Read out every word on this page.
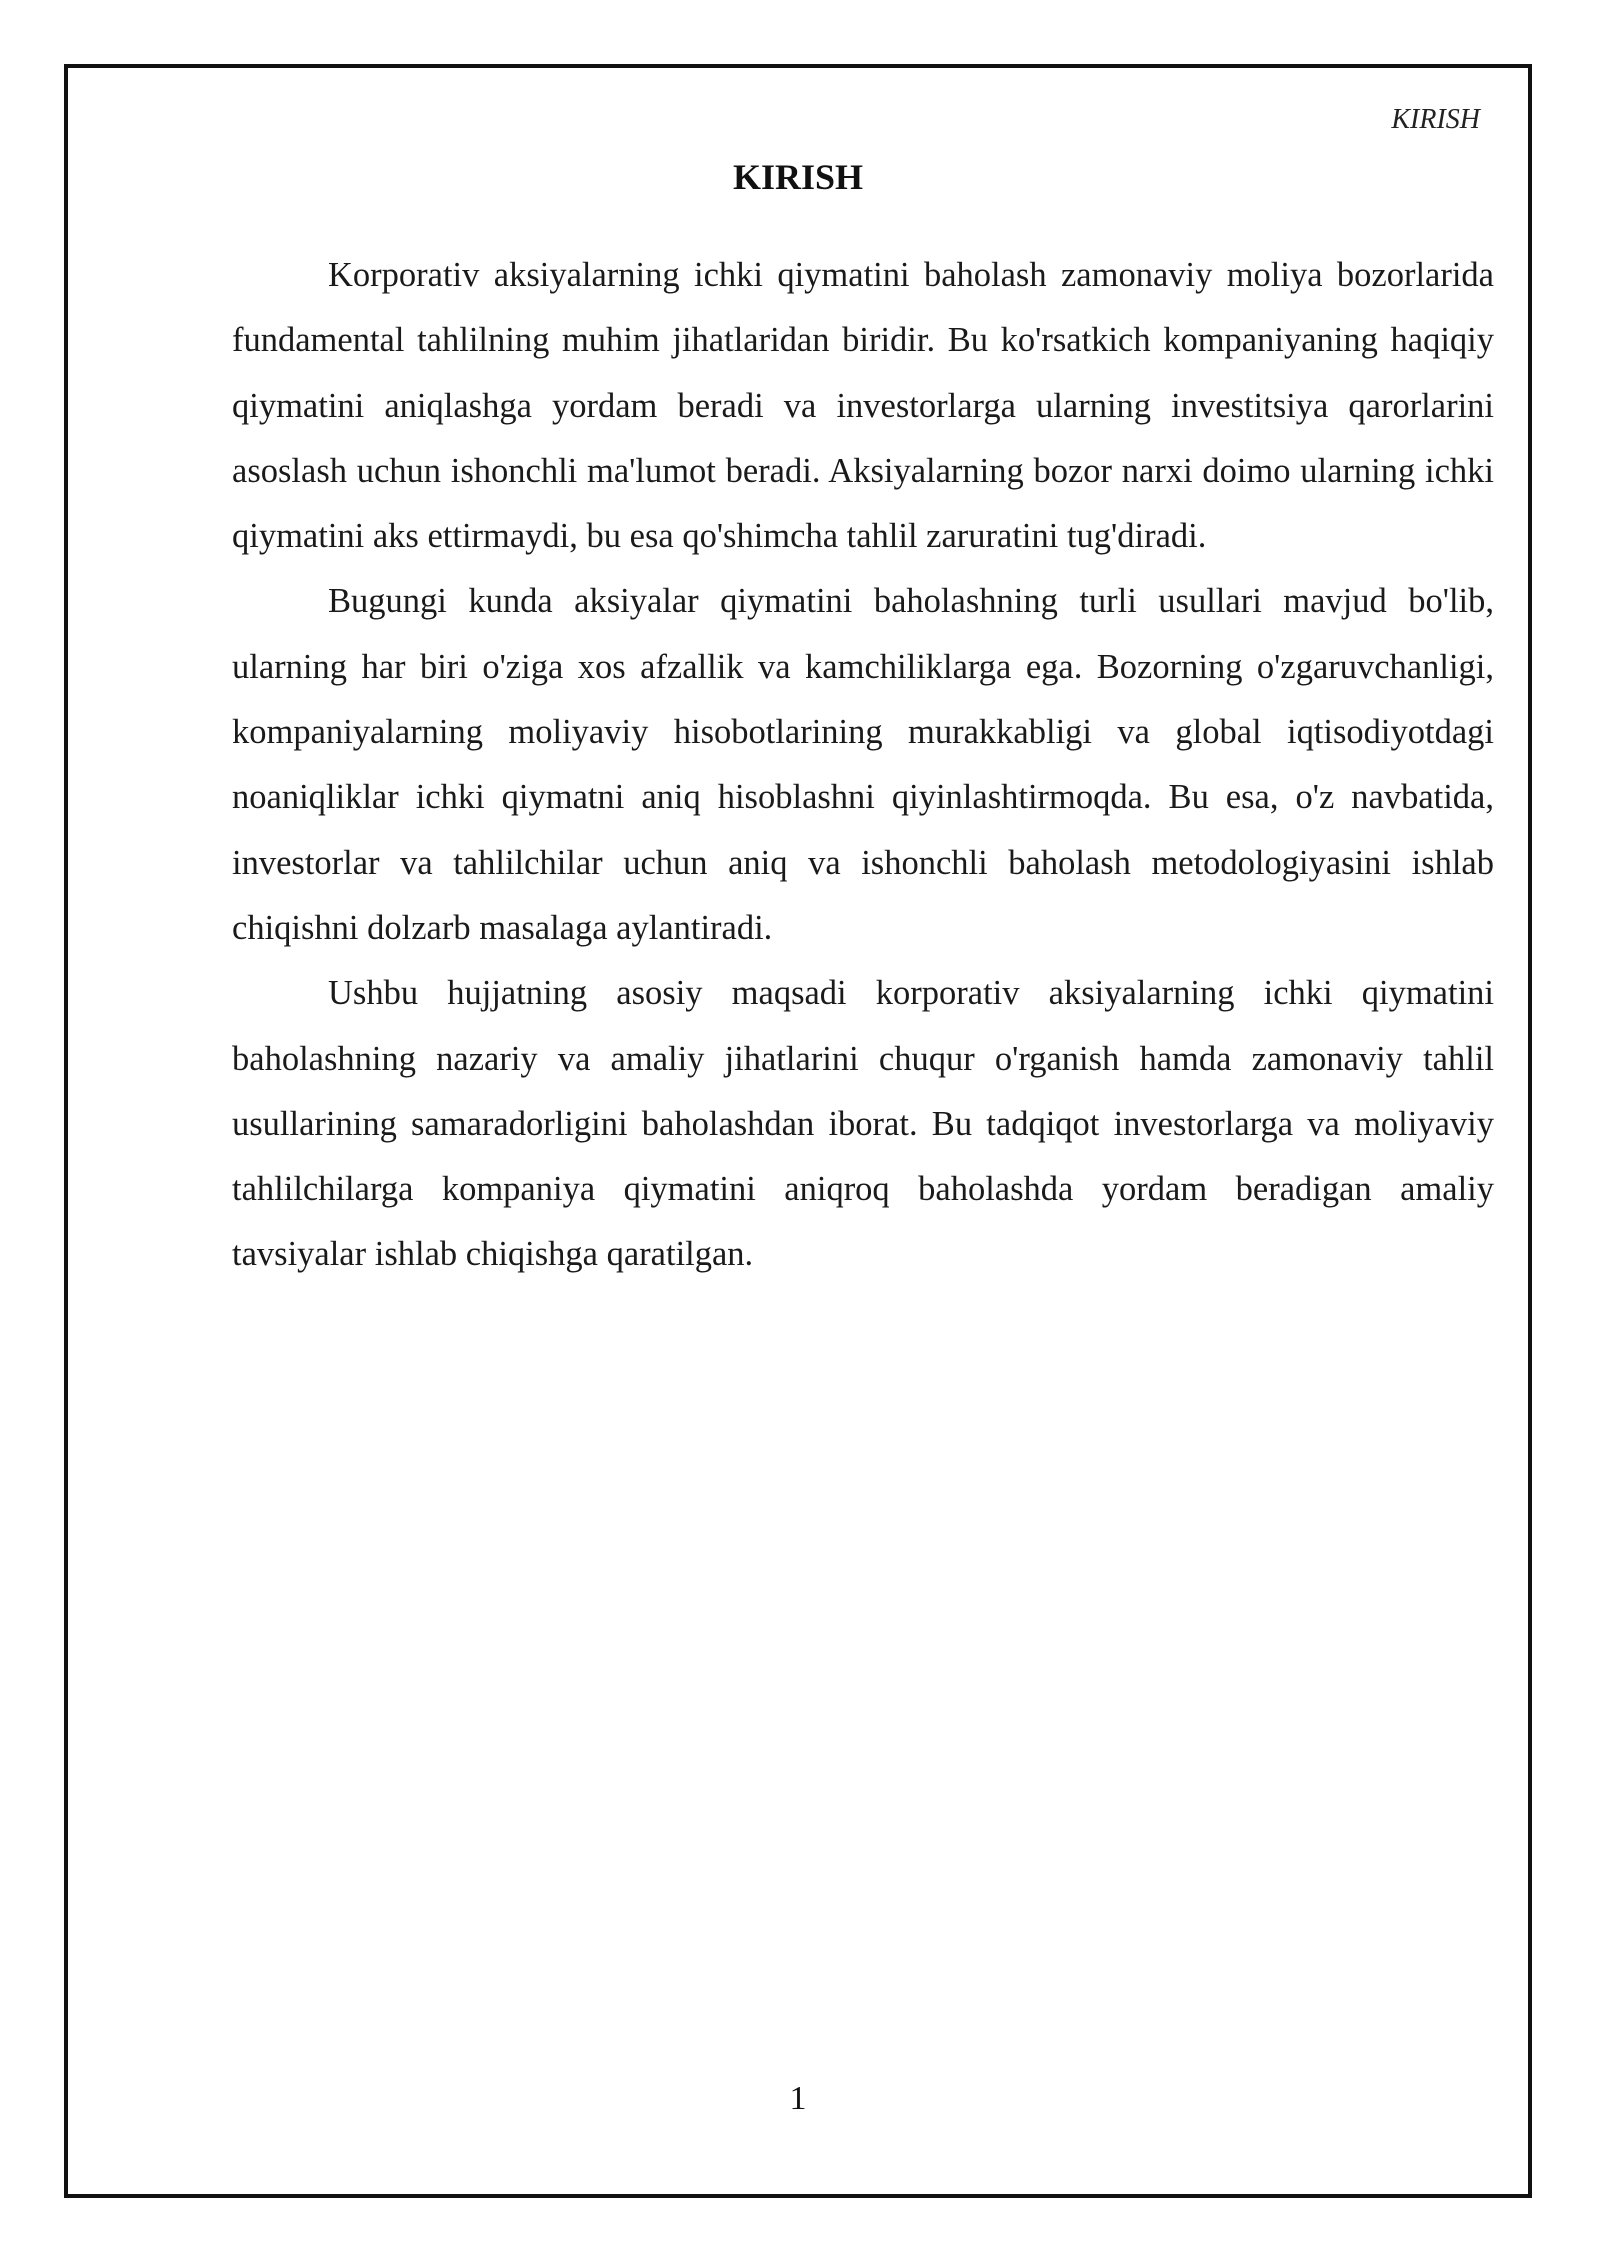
KIRISH
KIRISH

Korporativ aksiyalarning ichki qiymatini baholash zamonaviy moliya bozorlarida fundamental tahlilning muhim jihatlaridan biridir. Bu ko'rsatkich kompaniyaning haqiqiy qiymatini aniqlashga yordam beradi va investorlarga ularning investitsiya qarorlarini asoslash uchun ishonchli ma'lumot beradi. Aksiyalarning bozor narxi doimo ularning ichki qiymatini aks ettirmaydi, bu esa qo'shimcha tahlil zaruratini tug'diradi.

Bugungi kunda aksiyalar qiymatini baholashning turli usullari mavjud bo'lib, ularning har biri o'ziga xos afzallik va kamchiliklarga ega. Bozorning o'zgaruvchanligi, kompaniyalarning moliyaviy hisobotlarining murakkabligi va global iqtisodiyotdagi noaniqliklar ichki qiymatni aniq hisoblashni qiyinlashtirmoqda. Bu esa, o'z navbatida, investorlar va tahlilchilar uchun aniq va ishonchli baholash metodologiyasini ishlab chiqishni dolzarb masalaga aylantiradi.

Ushbu hujjatning asosiy maqsadi korporativ aksiyalarning ichki qiymatini baholashning nazariy va amaliy jihatlarini chuqur o'rganish hamda zamonaviy tahlil usullarining samaradorligini baholashdan iborat. Bu tadqiqot investorlarga va moliyaviy tahlilchilarga kompaniya qiymatini aniqroq baholashda yordam beradigan amaliy tavsiyalar ishlab chiqishga qaratilgan.

1
